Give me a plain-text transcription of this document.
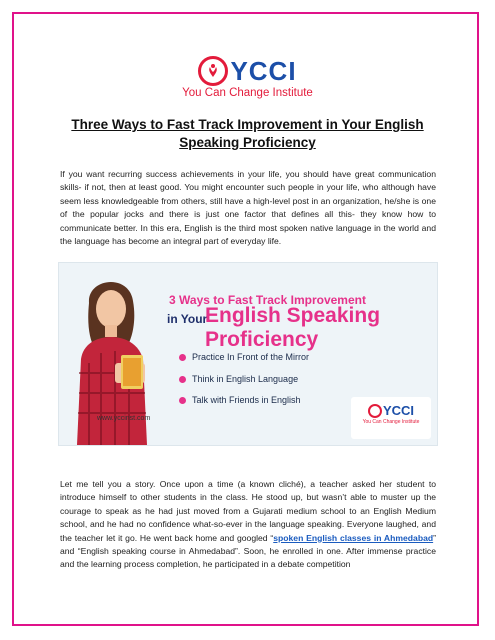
YCCI
You Can Change Institute
Three Ways to Fast Track Improvement in Your English Speaking Proficiency
If you want recurring success achievements in your life, you should have great communication skills- if not, then at least good. You might encounter such people in your life, who although have seem less knowledgeable from others, still have a high-level post in an organization, he/she is one of the popular jocks and there is just one factor that defines all this- they know how to communicate better. In this era, English is the third most spoken native language in the world and the language has become an integral part of everyday life.
3 Ways to Fast Track Improvement
in Your
English Speaking Proficiency
Practice In Front of the Mirror
Think in English Language
Talk with Friends in English
www.yccinst.com
YCCI
You Can Change Institute
Let me tell you a story. Once upon a time (a known cliché), a teacher asked her student to introduce himself to other students in the class. He stood up, but wasn’t able to muster up the courage to speak as he had just moved from a Gujarati medium school to an English Medium school, and he had no confidence what-so-ever in the language speaking. Everyone laughed, and the teacher let it go. He went back home and googled “spoken English classes in Ahmedabad” and “English speaking course in Ahmedabad”. Soon, he enrolled in one. After immense practice and the learning process completion, he participated in a debate competition
